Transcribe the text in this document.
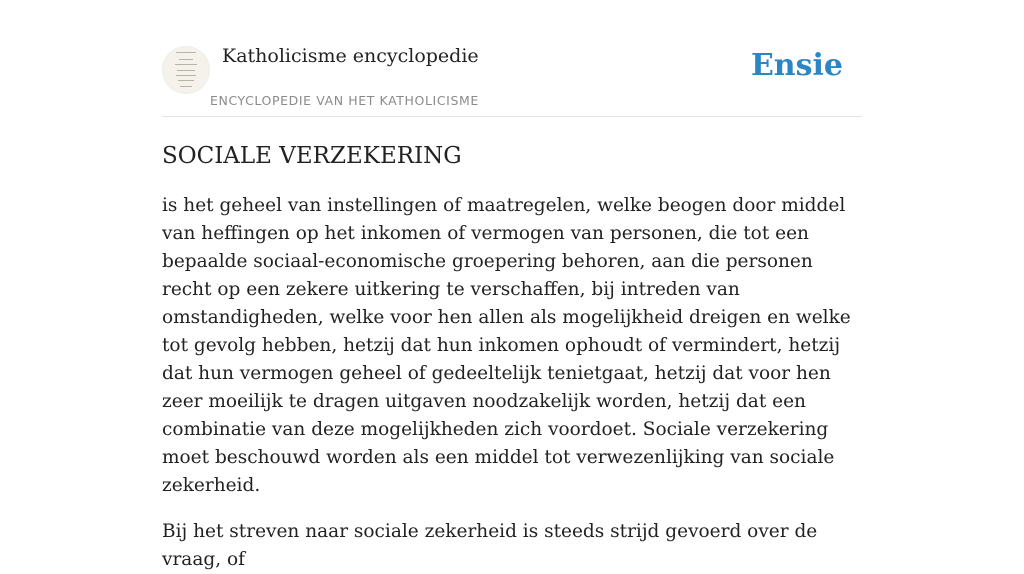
Katholicisme encyclopedie
ENCYCLOPEDIE VAN HET KATHOLICISME
Ensie
SOCIALE VERZEKERING

is het geheel van instellingen of maatregelen, welke beogen door middel van heffingen op het inkomen of vermogen van personen, die tot een bepaalde sociaal-economische groepering behoren, aan die personen recht op een zekere uitkering te verschaffen, bij intreden van omstandigheden, welke voor hen allen als mogelijkheid dreigen en welke tot gevolg hebben, hetzij dat hun inkomen ophoudt of vermindert, hetzij dat hun vermogen geheel of gedeeltelijk tenietgaat, hetzij dat voor hen zeer moeilijk te dragen uitgaven noodzakelijk worden, hetzij dat een combinatie van deze mogelijkheden zich voordoet. Sociale verzekering moet beschouwd worden als een middel tot verwezenlijking van sociale zekerheid.

Bij het streven naar sociale zekerheid is steeds strijd gevoerd over de vraag, of
